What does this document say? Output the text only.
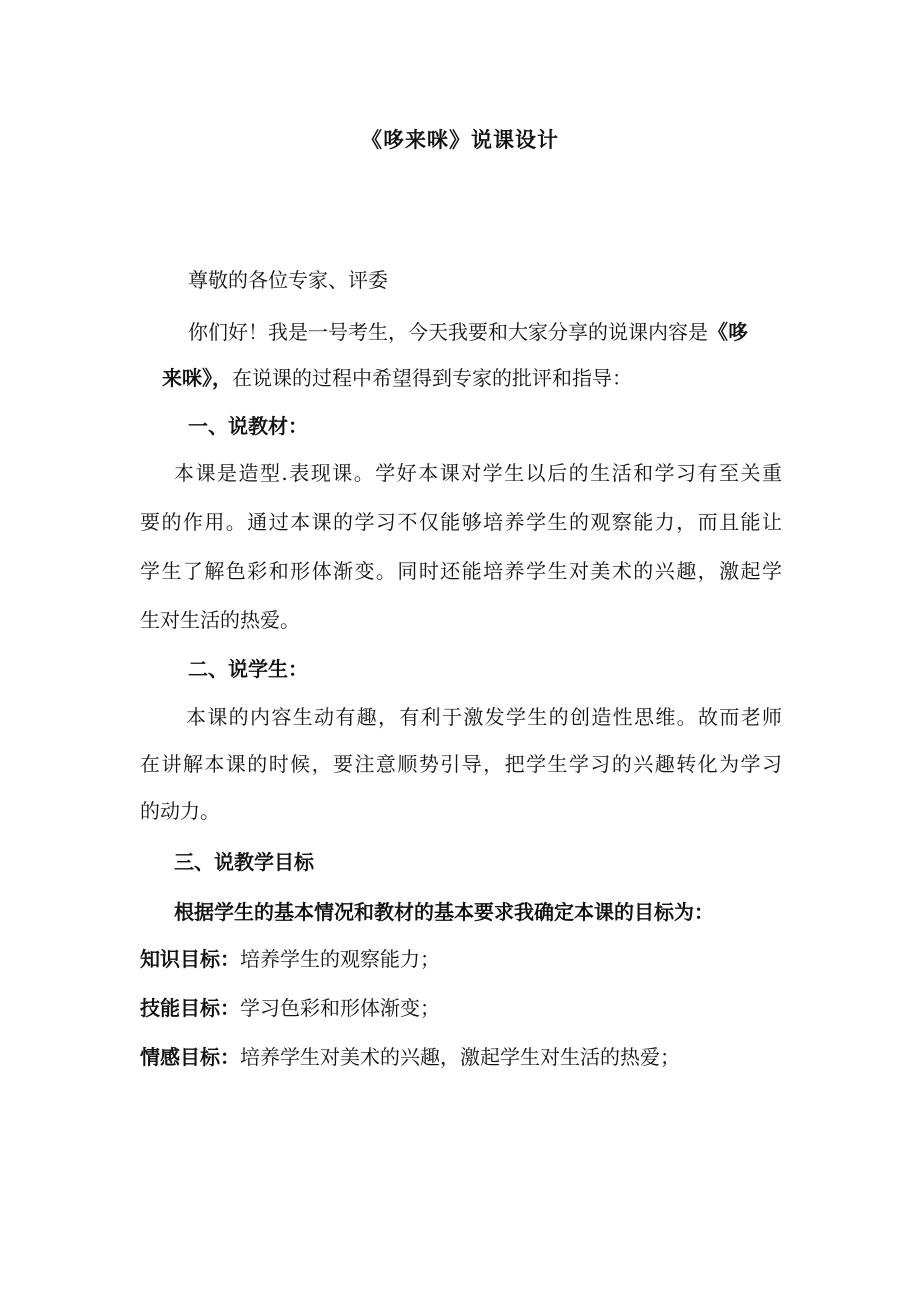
《哆来咪》说课设计
尊敬的各位专家、评委
你们好！我是一号考生，今天我要和大家分享的说课内容是《哆
来咪》，在说课的过程中希望得到专家的批评和指导：
一、说教材：
本课是造型.表现课。学好本课对学生以后的生活和学习有至关重
要的作用。通过本课的学习不仅能够培养学生的观察能力，而且能让
学生了解色彩和形体渐变。同时还能培养学生对美术的兴趣，激起学
生对生活的热爱。
二、说学生：
本课的内容生动有趣，有利于激发学生的创造性思维。故而老师
在讲解本课的时候，要注意顺势引导，把学生学习的兴趣转化为学习
的动力。
三、说教学目标
根据学生的基本情况和教材的基本要求我确定本课的目标为：
知识目标：培养学生的观察能力；
技能目标：学习色彩和形体渐变；
情感目标：培养学生对美术的兴趣，激起学生对生活的热爱；
